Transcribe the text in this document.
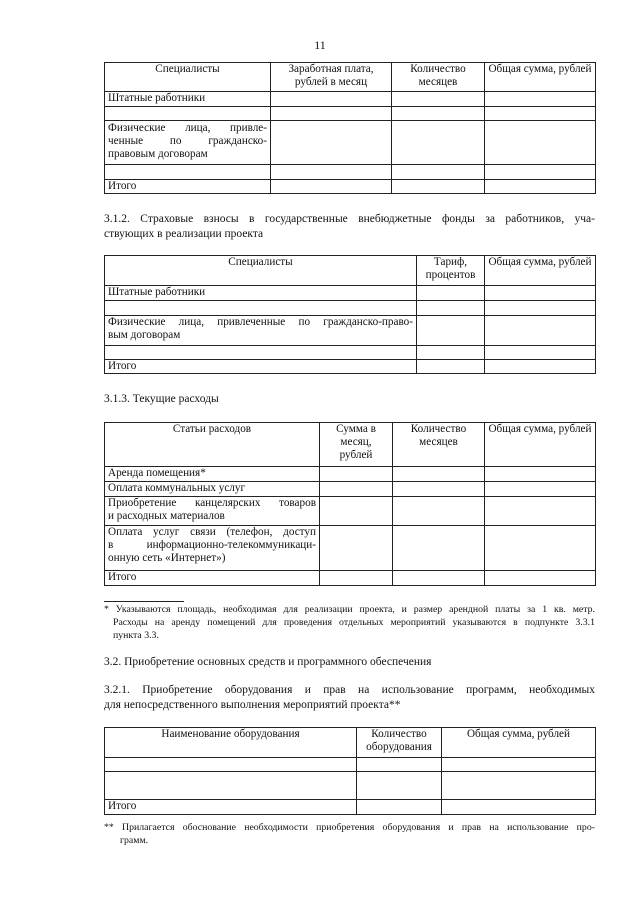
11
Специалисты	Заработная плата, рублей в месяц	Количество месяцев	Общая сумма, рублей
Штатные работники			

Физические лица, привле-
ченные по гражданско-
правовым договорам			

Итого			
3.1.2. Страховые взносы в государственные внебюджетные фонды за работников, уча-
ствующих в реализации проекта
Специалисты	Тариф, процентов	Общая сумма, рублей
Штатные работники		

Физические лица, привлеченные по гражданско-право-
вым договорам		

Итого		
3.1.3. Текущие расходы
Статьи расходов	Сумма в месяц, рублей	Количество месяцев	Общая сумма, рублей
Аренда помещения*			
Оплата коммунальных услуг			

Приобретение канцелярских товаров
и расходных материалов			

Оплата услуг связи (телефон, доступ
в информационно-телекоммуникаци-
онную сеть «Интернет»)			

Итого			
* Указываются площадь, необходимая для реализации проекта, и размер арендной платы за 1 кв. метр.
Расходы на аренду помещений для проведения отдельных мероприятий указываются в подпункте 3.3.1
пункта 3.3.
3.2. Приобретение основных средств и программного обеспечения
3.2.1. Приобретение оборудования и прав на использование программ, необходимых
для непосредственного выполнения мероприятий проекта**
Наименование оборудования	Количество оборудования	Общая сумма, рублей

Итого		
** Прилагается обоснование необходимости приобретения оборудования и прав на использование про-
грамм.
